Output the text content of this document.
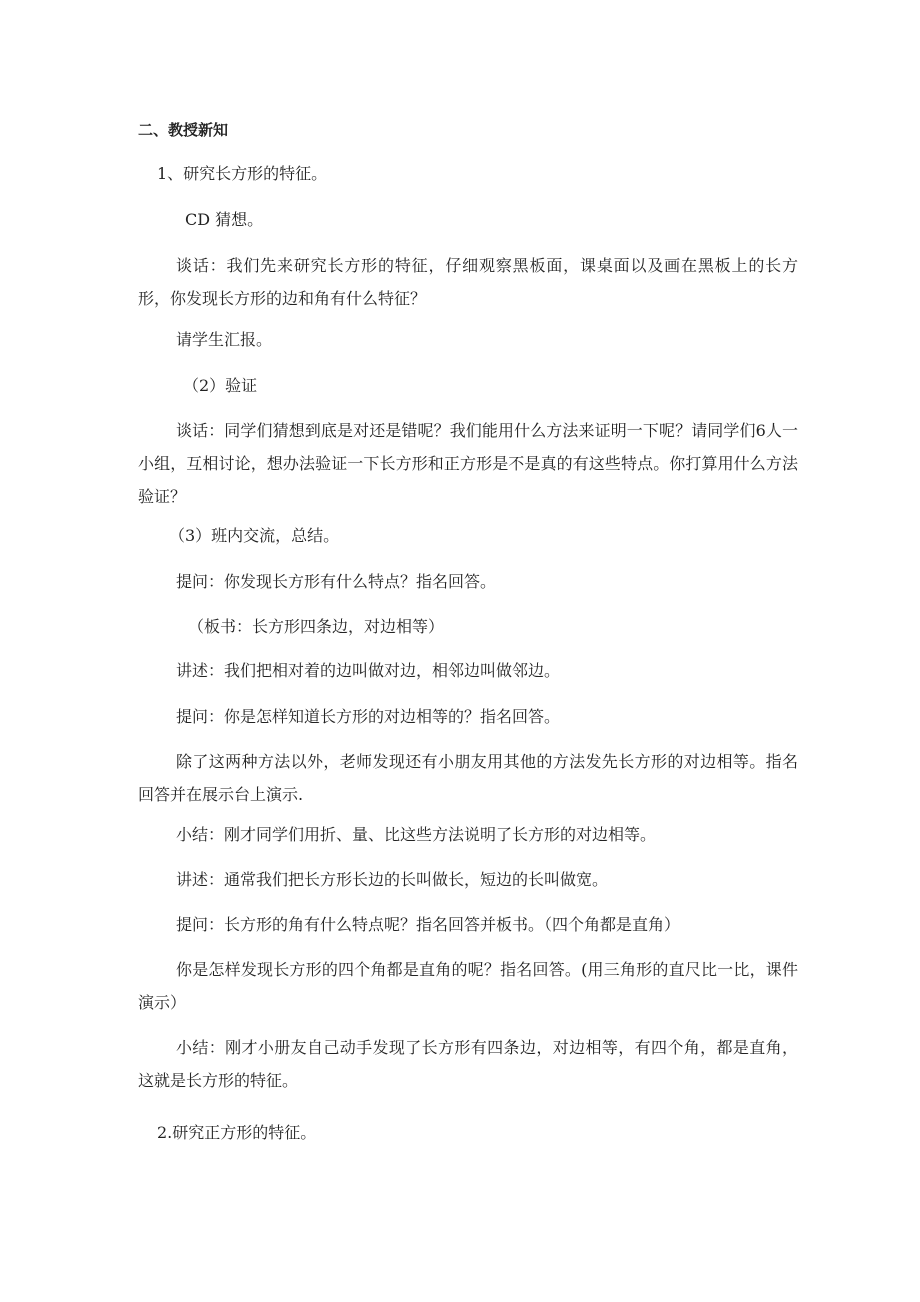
二、教授新知
1、研究长方形的特征。
CD 猜想。
谈话：我们先来研究长方形的特征，仔细观察黑板面，课桌面以及画在黑板上的长方形，你发现长方形的边和角有什么特征？
请学生汇报。
（2）验证
谈话：同学们猜想到底是对还是错呢？我们能用什么方法来证明一下呢？请同学们6人一小组，互相讨论，想办法验证一下长方形和正方形是不是真的有这些特点。你打算用什么方法验证？
（3）班内交流，总结。
提问：你发现长方形有什么特点？指名回答。
（板书：长方形四条边，对边相等）
讲述：我们把相对着的边叫做对边，相邻边叫做邻边。
提问：你是怎样知道长方形的对边相等的？指名回答。
除了这两种方法以外，老师发现还有小朋友用其他的方法发先长方形的对边相等。指名回答并在展示台上演示.
小结：刚才同学们用折、量、比这些方法说明了长方形的对边相等。
讲述：通常我们把长方形长边的长叫做长，短边的长叫做宽。
提问：长方形的角有什么特点呢？指名回答并板书。（四个角都是直角）
你是怎样发现长方形的四个角都是直角的呢？指名回答。(用三角形的直尺比一比，课件演示）
小结：刚才小册友自己动手发现了长方形有四条边，对边相等，有四个角，都是直角，这就是长方形的特征。
2.研究正方形的特征。
